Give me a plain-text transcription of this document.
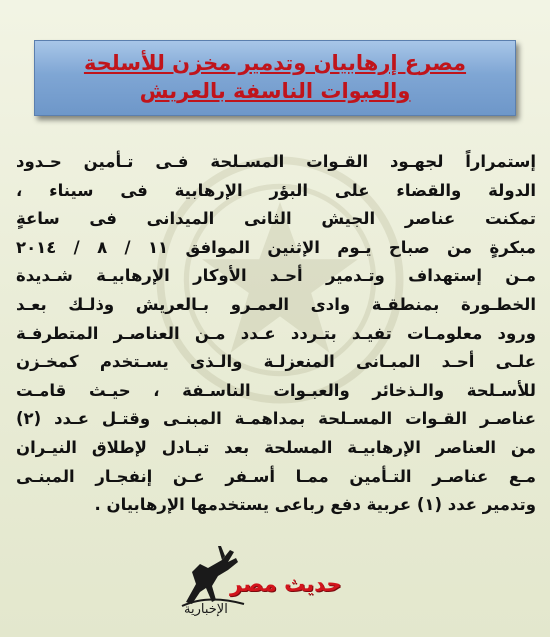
مصرع إرهابيان وتدمير مخزن للأسلحة
والعبوات الناسفة بالعريش
إستمراراً لجهـود القـوات المسـلحة فـى تـأمين حـدود
الدولة والقضاء على البؤر الإرهابية فى سيناء ،
تمكنت عناصر الجيش الثانى الميدانى فى ساعةٍ
مبكرةٍ من صباح يـوم الإثنين الموافق ١١ / ٨ / ٢٠١٤
مـن إستهداف وتـدمير أحـد الأوكار الإرهابيـة شـديدة
الخطـورة بمنطقـة وادى العمـرو بـالعريش وذلـك بعـد
ورود معلومـات تفيـد بتـردد عـدد مـن العناصـر المتطرفـة
علـى أحـد المبـانى المنعزلـة والـذى يسـتخدم كمخـزن
للأسـلحة والـذخائر والعبـوات الناسـفة ، حيـث قامـت
عناصـر القـوات المسـلحة بمداهمـة المبنـى وقتـل عـدد (٢)
من العناصر الإرهابيـة المسلحة بعد تبـادل لإطلاق النيـران
مـع عناصـر التـأمين ممـا أسـفر عـن إنفجـار المبنـى
وتدمير عدد (١) عربية دفع رباعى يستخدمها الإرهابيان .
حديث مصر
الإخبارية
